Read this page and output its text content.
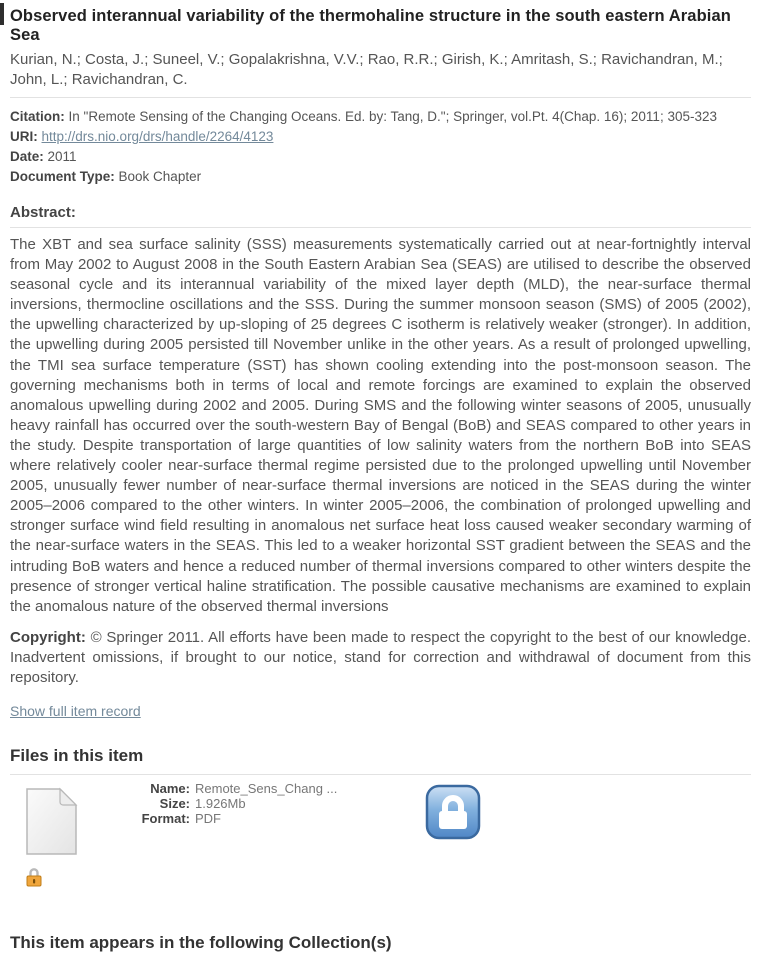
Observed interannual variability of the thermohaline structure in the south eastern Arabian Sea
Kurian, N.; Costa, J.; Suneel, V.; Gopalakrishna, V.V.; Rao, R.R.; Girish, K.; Amritash, S.; Ravichandran, M.; John, L.; Ravichandran, C.
Citation: In "Remote Sensing of the Changing Oceans. Ed. by: Tang, D."; Springer, vol.Pt. 4(Chap. 16); 2011; 305-323
URI: http://drs.nio.org/drs/handle/2264/4123
Date: 2011
Document Type: Book Chapter
Abstract:

The XBT and sea surface salinity (SSS) measurements systematically carried out at near-fortnightly interval from May 2002 to August 2008 in the South Eastern Arabian Sea (SEAS) are utilised to describe the observed seasonal cycle and its interannual variability of the mixed layer depth (MLD), the near-surface thermal inversions, thermocline oscillations and the SSS. During the summer monsoon season (SMS) of 2005 (2002), the upwelling characterized by up-sloping of 25 degrees C isotherm is relatively weaker (stronger). In addition, the upwelling during 2005 persisted till November unlike in the other years. As a result of prolonged upwelling, the TMI sea surface temperature (SST) has shown cooling extending into the post-monsoon season. The governing mechanisms both in terms of local and remote forcings are examined to explain the observed anomalous upwelling during 2002 and 2005. During SMS and the following winter seasons of 2005, unusually heavy rainfall has occurred over the south-western Bay of Bengal (BoB) and SEAS compared to other years in the study. Despite transportation of large quantities of low salinity waters from the northern BoB into SEAS where relatively cooler near-surface thermal regime persisted due to the prolonged upwelling until November 2005, unusually fewer number of near-surface thermal inversions are noticed in the SEAS during the winter 2005–2006 compared to the other winters. In winter 2005–2006, the combination of prolonged upwelling and stronger surface wind field resulting in anomalous net surface heat loss caused weaker secondary warming of the near-surface waters in the SEAS. This led to a weaker horizontal SST gradient between the SEAS and the intruding BoB waters and hence a reduced number of thermal inversions compared to other winters despite the presence of stronger vertical haline stratification. The possible causative mechanisms are examined to explain the anomalous nature of the observed thermal inversions

Copyright: © Springer 2011. All efforts have been made to respect the copyright to the best of our knowledge. Inadvertent omissions, if brought to our notice, stand for correction and withdrawal of document from this repository.

Show full item record
Files in this item
Name: Remote_Sens_Chang ...
Size: 1.926Mb
Format: PDF
This item appears in the following Collection(s)
